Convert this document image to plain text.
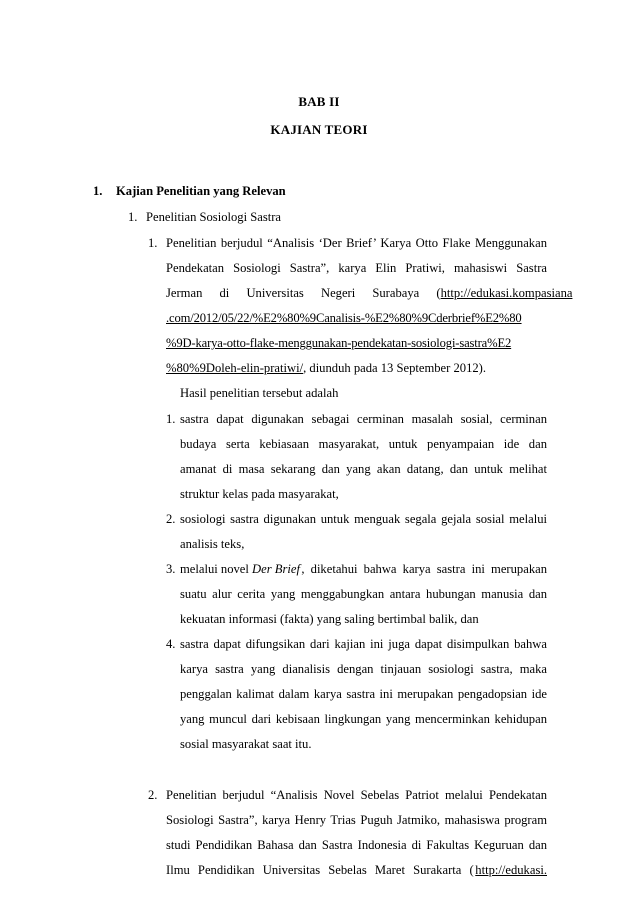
BAB II
KAJIAN TEORI
1. Kajian Penelitian yang Relevan
1. Penelitian Sosiologi Sastra
1. Penelitian berjudul “Analisis ‘Der Brief’ Karya Otto Flake Menggunakan
Pendekatan Sosiologi Sastra”, karya Elin Pratiwi, mahasiswi Sastra
Jerman di Universitas Negeri Surabaya ( http://edukasi.kompasiana
.com/2012/05/22/%E2%80%9Canalisis-%E2%80%9Cderbrief%E2%80
%9D-karya-otto-flake-menggunakan-pendekatan-sosiologi-sastra%E2
%80%9Doleh-elin-pratiwi/, diunduh pada 13 September 2012).
Hasil penelitian tersebut adalah
1. sastra dapat digunakan sebagai cerminan masalah sosial, cerminan
budaya serta kebiasaan masyarakat, untuk penyampaian ide dan
amanat di masa sekarang dan yang akan datang, dan untuk melihat
struktur kelas pada masyarakat,
2. sosiologi sastra digunakan untuk menguak segala gejala sosial melalui
analisis teks,
3. melalui novel Der Brief , diketahui bahwa karya sastra ini merupakan
suatu alur cerita yang menggabungkan antara hubungan manusia dan
kekuatan informasi (fakta) yang saling bertimbal balik, dan
4. sastra dapat difungsikan dari kajian ini juga dapat disimpulkan bahwa
karya sastra yang dianalisis dengan tinjauan sosiologi sastra, maka
penggalan kalimat dalam karya sastra ini merupakan pengadopsian ide
yang muncul dari kebisaan lingkungan yang mencerminkan kehidupan
sosial masyarakat saat itu.
2. Penelitian berjudul “Analisis Novel Sebelas Patriot melalui Pendekatan
Sosiologi Sastra”, karya Henry Trias Puguh Jatmiko, mahasiswa program
studi Pendidikan Bahasa dan Sastra Indonesia di Fakultas Keguruan dan
Ilmu Pendidikan Universitas Sebelas Maret Surakarta ( http://edukasi.
